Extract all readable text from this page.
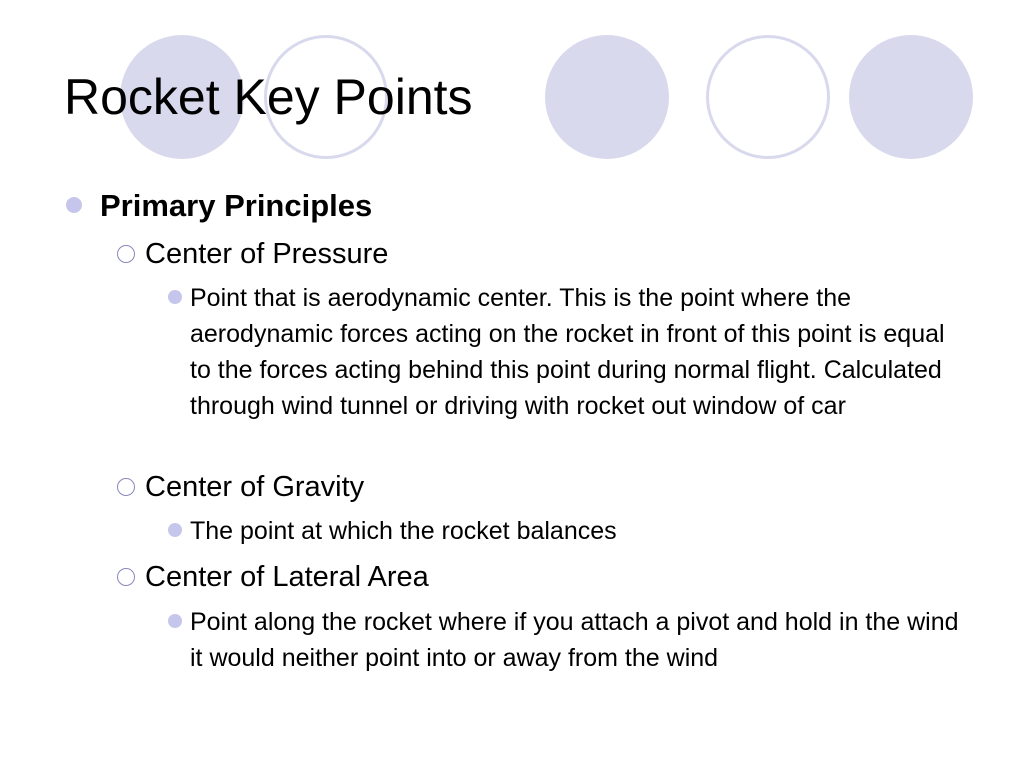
Rocket Key Points

Primary Principles

Center of Pressure

Point that is aerodynamic center. This is the point where the aerodynamic forces acting on the rocket in front of this point is equal to the forces acting behind this point during normal flight. Calculated through wind tunnel or driving with rocket out window of car

Center of Gravity

The point at which the rocket balances

Center of Lateral Area

Point along the rocket where if you attach a pivot and hold in the wind it would neither point into or away from the wind
